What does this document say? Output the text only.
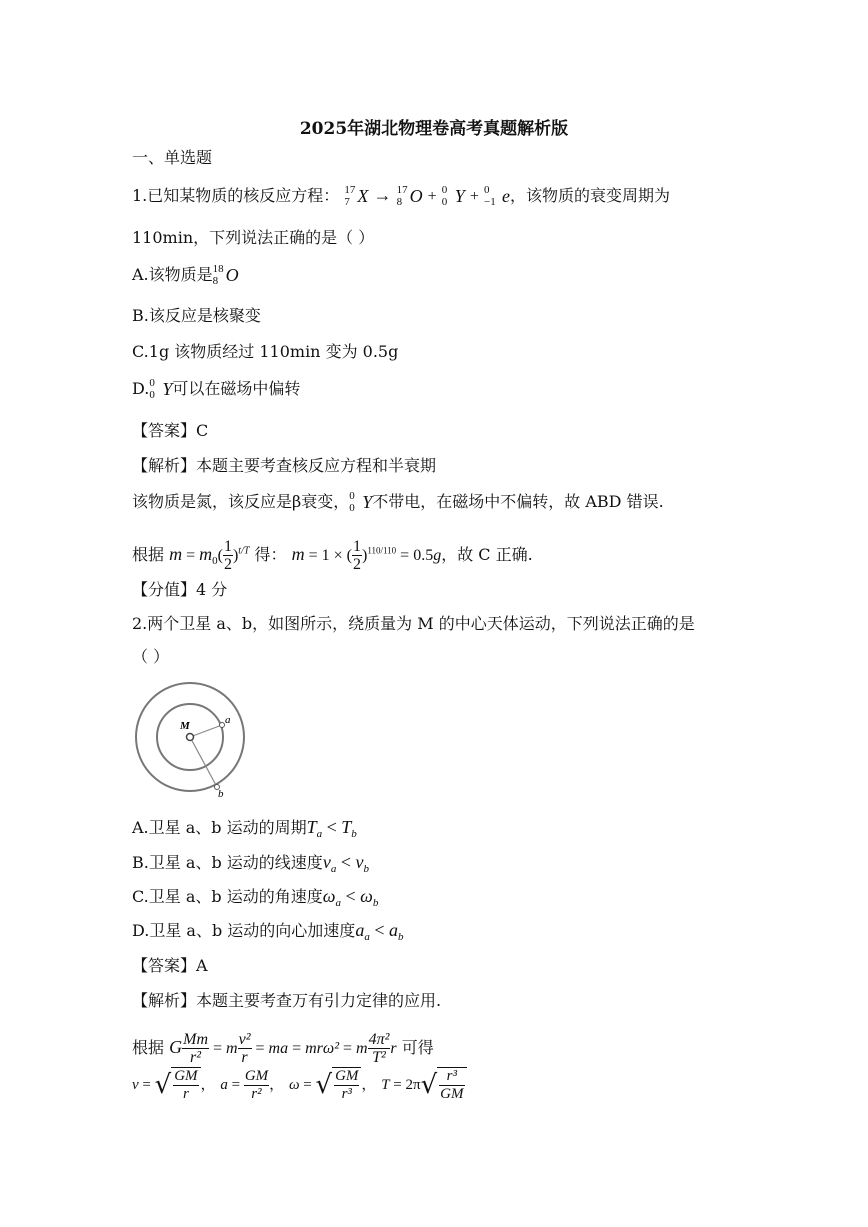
2025年湖北物理卷高考真题解析版
一、单选题
1.已知某物质的核反应方程： 17
7 X → 17
8 O + 0
0 Y + 0
−1 e，该物质的衰变周期为
110min，下列说法正确的是（ ）
A.该物质是 18
8 O
B.该反应是核聚变
C.1g 该物质经过 110min 变为 0.5g
D. 0
0 Y可以在磁场中偏转
【答案】C
【解析】本题主要考查核反应方程和半衰期
该物质是氮，该反应是β衰变， 0
0 Y不带电，在磁场中不偏转，故 ABD 错误.
根据 $m = m_0( \frac{1}{2} )^{t/T}$ 得： m = 1 × ( $\frac{1}{2} )^{110/110} = 0.5g$，故 C 正确.
【分值】4 分
2.两个卫星 a、b，如图所示，绕质量为 M 的中心天体运动，下列说法正确的是
（ ）
M	a
b
A.卫星 a、b 运动的周期$T_a < T_b$
B.卫星 a、b 运动的线速度$v_a < v_b$
C.卫星 a、b 运动的角速度$\omega_a < \omega_b$
D.卫星 a、b 运动的向心加速度$a_a < a_b$
【答案】A
【解析】本题主要考查万有引力定律的应用.
根据 G $\frac{Mm}{\text{r²}} = m \frac{\text{v²}}{r}$ = ma = mrω² = m $\frac{\text{4π²}}{\text{T²}}$ r 可得
v = √ $\frac{GM}{r}$ ， $a = \frac{GM}{\text{r²}}$ ， ω = √ $\frac{GM}{\text{r³}}$ ， $T = 2\pi√ \frac{\text{r³}}{GM}$
